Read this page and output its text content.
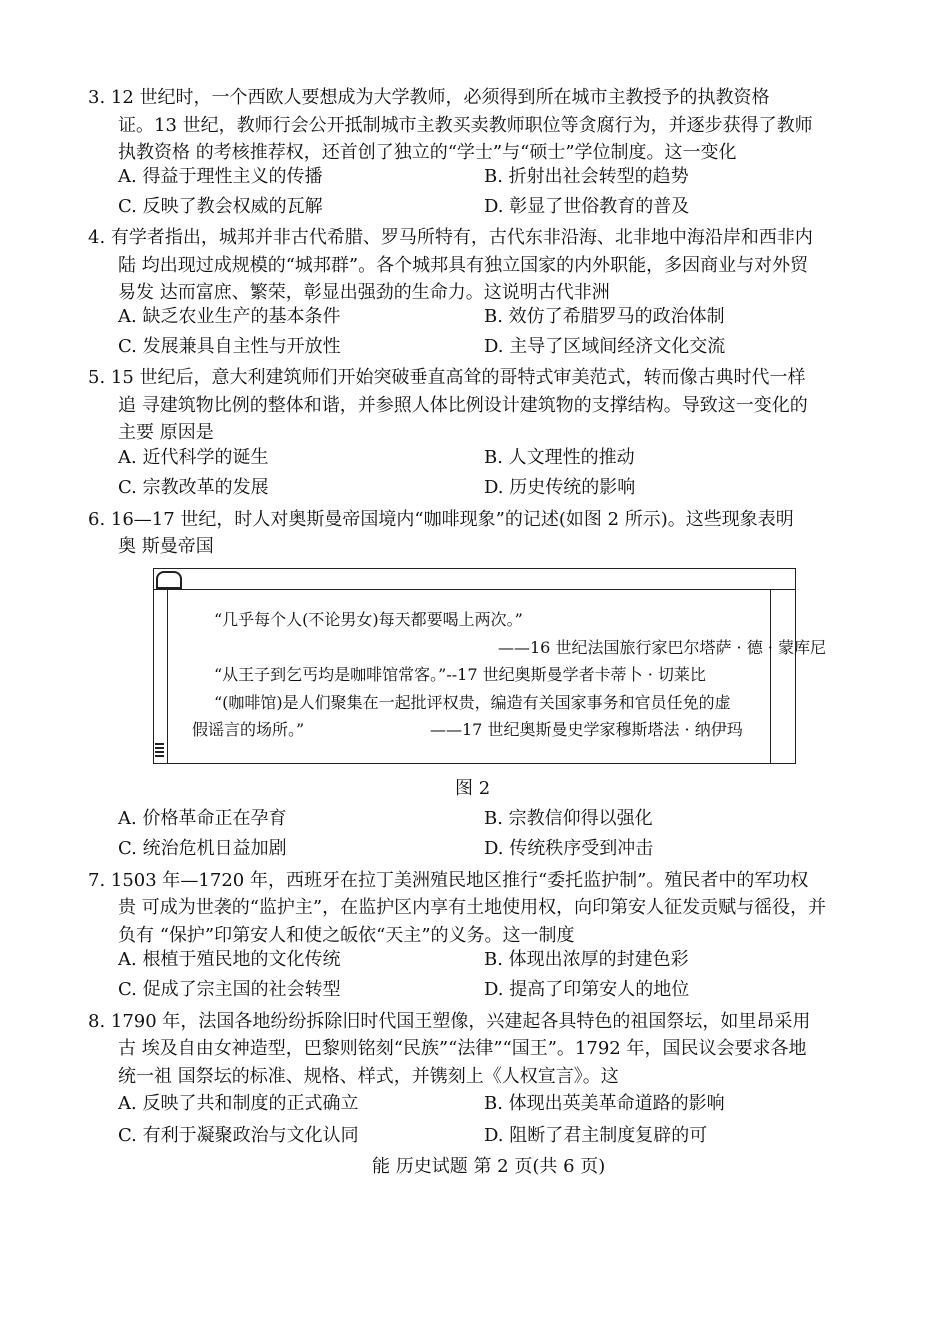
3. 12 世纪时，一个西欧人要想成为大学教师，必须得到所在城市主教授予的执教资格
证。13 世纪，教师行会公开抵制城市主教买卖教师职位等贪腐行为，并逐步获得了教师
执教资格 的考核推荐权，还首创了独立的“学士”与“硕士”学位制度。这一变化
A. 得益于理性主义的传播	B. 折射出社会转型的趋势
C. 反映了教会权威的瓦解	D. 彰显了世俗教育的普及
4. 有学者指出，城邦并非古代希腊、罗马所特有，古代东非沿海、北非地中海沿岸和西非内
陆 均出现过成规模的“城邦群”。各个城邦具有独立国家的内外职能，多因商业与对外贸
易发 达而富庶、繁荣，彰显出强劲的生命力。这说明古代非洲
A. 缺乏农业生产的基本条件	B. 效仿了希腊罗马的政治体制
C. 发展兼具自主性与开放性	D. 主导了区域间经济文化交流
5. 15 世纪后，意大利建筑师们开始突破垂直高耸的哥特式审美范式，转而像古典时代一样
追 寻建筑物比例的整体和谐，并参照人体比例设计建筑物的支撑结构。导致这一变化的
主要 原因是
A. 近代科学的诞生	B. 人文理性的推动
C. 宗教改革的发展	D. 历史传统的影响
6. 16—17 世纪，时人对奥斯曼帝国境内“咖啡现象”的记述(如图 2 所示)。这些现象表明
奥 斯曼帝国
“几乎每个人(不论男女)每天都要喝上两次。”
——16 世纪法国旅行家巴尔塔萨 · 德 · 蒙库尼
“从王子到乞丐均是咖啡馆常客。”--17 世纪奥斯曼学者卡蒂卜 · 切莱比
“(咖啡馆)是人们聚集在一起批评权贵，编造有关国家事务和官员任免的虚
假谣言的场所。”	——17 世纪奥斯曼史学家穆斯塔法 · 纳伊玛
图 2
A. 价格革命正在孕育	B. 宗教信仰得以强化
C. 统治危机日益加剧	D. 传统秩序受到冲击
7. 1503 年—1720 年，西班牙在拉丁美洲殖民地区推行“委托监护制”。殖民者中的军功权
贵 可成为世袭的“监护主”，在监护区内享有土地使用权，向印第安人征发贡赋与徭役，并
负有 “保护”印第安人和使之皈依“天主”的义务。这一制度
A. 根植于殖民地的文化传统	B. 体现出浓厚的封建色彩
C. 促成了宗主国的社会转型	D. 提高了印第安人的地位
8. 1790 年，法国各地纷纷拆除旧时代国王塑像，兴建起各具特色的祖国祭坛，如里昂采用
古 埃及自由女神造型，巴黎则铭刻“民族”“法律”“国王”。1792 年，国民议会要求各地
统一祖 国祭坛的标准、规格、样式，并镌刻上《人权宣言》。这
A. 反映了共和制度的正式确立	B. 体现出英美革命道路的影响
C. 有利于凝聚政治与文化认同	D. 阻断了君主制度复辟的可
能 历史试题 第 2 页(共 6 页)
